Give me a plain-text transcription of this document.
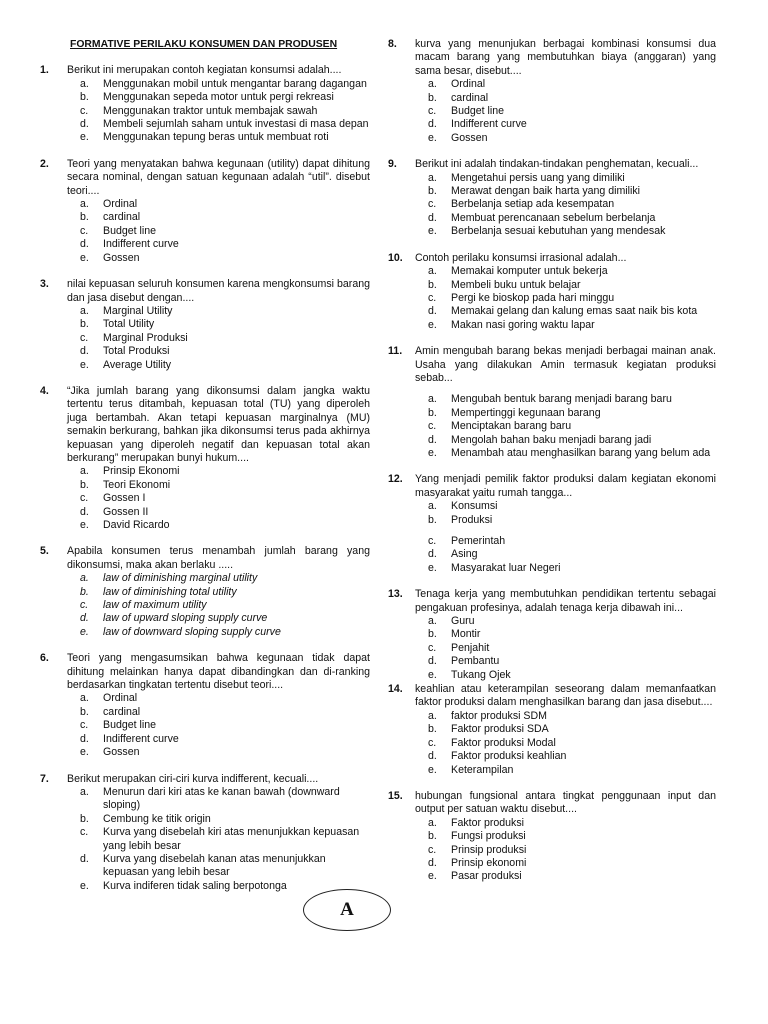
FORMATIVE PERILAKU KONSUMEN DAN PRODUSEN
1. Berikut ini merupakan contoh kegiatan konsumsi adalah....
a. Menggunakan mobil untuk mengantar barang dagangan
b. Menggunakan sepeda motor untuk pergi rekreasi
c. Menggunakan traktor untuk membajak sawah
d. Membeli sejumlah saham untuk investasi di masa depan
e. Menggunakan tepung beras untuk membuat roti
2. Teori yang menyatakan bahwa kegunaan (utility) dapat dihitung secara nominal, dengan satuan kegunaan adalah “util”. disebut teori....
a. Ordinal
b. cardinal
c. Budget line
d. Indifferent curve
e. Gossen
3. nilai kepuasan seluruh konsumen karena mengkonsumsi barang dan jasa disebut dengan....
a. Marginal Utility
b. Total Utility
c. Marginal Produksi
d. Total Produksi
e. Average Utility
4. “Jika jumlah barang yang dikonsumsi dalam jangka waktu tertentu terus ditambah, kepuasan total (TU) yang diperoleh juga bertambah. Akan tetapi kepuasan marginalnya (MU) semakin berkurang, bahkan jika dikonsumsi terus pada akhirnya kepuasan yang diperoleh negatif dan kepuasan total akan berkurang” merupakan bunyi hukum....
a. Prinsip Ekonomi
b. Teori Ekonomi
c. Gossen I
d. Gossen II
e. David Ricardo
5. Apabila konsumen terus menambah jumlah barang yang dikonsumsi, maka akan berlaku .....
a. law of diminishing marginal utility
b. law of diminishing total utility
c. law of maximum utility
d. law of upward sloping supply curve
e. law of downward sloping supply curve
6. Teori yang mengasumsikan bahwa kegunaan tidak dapat dihitung melainkan hanya dapat dibandingkan dan di-ranking berdasarkan tingkatan tertentu disebut teori....
a. Ordinal
b. cardinal
c. Budget line
d. Indifferent curve
e. Gossen
7. Berikut merupakan ciri-ciri kurva indifferent, kecuali....
a. Menurun dari kiri atas ke kanan bawah (downward sloping)
b. Cembung ke titik origin
c. Kurva yang disebelah kiri atas menunjukkan kepuasan yang lebih besar
d. Kurva yang disebelah kanan atas menunjukkan kepuasan yang lebih besar
e. Kurva indiferen tidak saling berpotonga
8. kurva yang menunjukan berbagai kombinasi konsumsi dua macam barang yang membutuhkan biaya (anggaran) yang sama besar, disebut....
a. Ordinal
b. cardinal
c. Budget line
d. Indifferent curve
e. Gossen
9. Berikut ini adalah tindakan-tindakan penghematan, kecuali...
a. Mengetahui persis uang yang dimiliki
b. Merawat dengan baik harta yang dimiliki
c. Berbelanja setiap ada kesempatan
d. Membuat perencanaan sebelum berbelanja
e. Berbelanja sesuai kebutuhan yang mendesak
10. Contoh perilaku konsumsi irrasional adalah...
a. Memakai komputer untuk bekerja
b. Membeli buku untuk belajar
c. Pergi ke bioskop pada hari minggu
d. Memakai gelang dan kalung emas saat naik bis kota
e. Makan nasi goring waktu lapar
11. Amin mengubah barang bekas menjadi berbagai mainan anak. Usaha yang dilakukan Amin termasuk kegiatan produksi sebab...
a. Mengubah bentuk barang menjadi barang baru
b. Mempertinggi kegunaan barang
c. Menciptakan barang baru
d. Mengolah bahan baku menjadi barang jadi
e. Menambah atau menghasilkan barang yang belum ada
12. Yang menjadi pemilik faktor produksi dalam kegiatan ekonomi masyarakat yaitu rumah tangga...
a. Konsumsi
b. Produksi
c. Pemerintah
d. Asing
e. Masyarakat luar Negeri
13. Tenaga kerja yang membutuhkan pendidikan tertentu sebagai pengakuan profesinya, adalah tenaga kerja dibawah ini...
a. Guru
b. Montir
c. Penjahit
d. Pembantu
e. Tukang Ojek
14. keahlian atau keterampilan seseorang dalam memanfaatkan faktor produksi dalam menghasilkan barang dan jasa disebut....
a. faktor produksi SDM
b. Faktor produksi SDA
c. Faktor produksi Modal
d. Faktor produksi keahlian
e. Keterampilan
15. hubungan fungsional antara tingkat penggunaan input dan output per satuan waktu disebut....
a. Faktor produksi
b. Fungsi produksi
c. Prinsip produksi
d. Prinsip ekonomi
e. Pasar produksi
A
